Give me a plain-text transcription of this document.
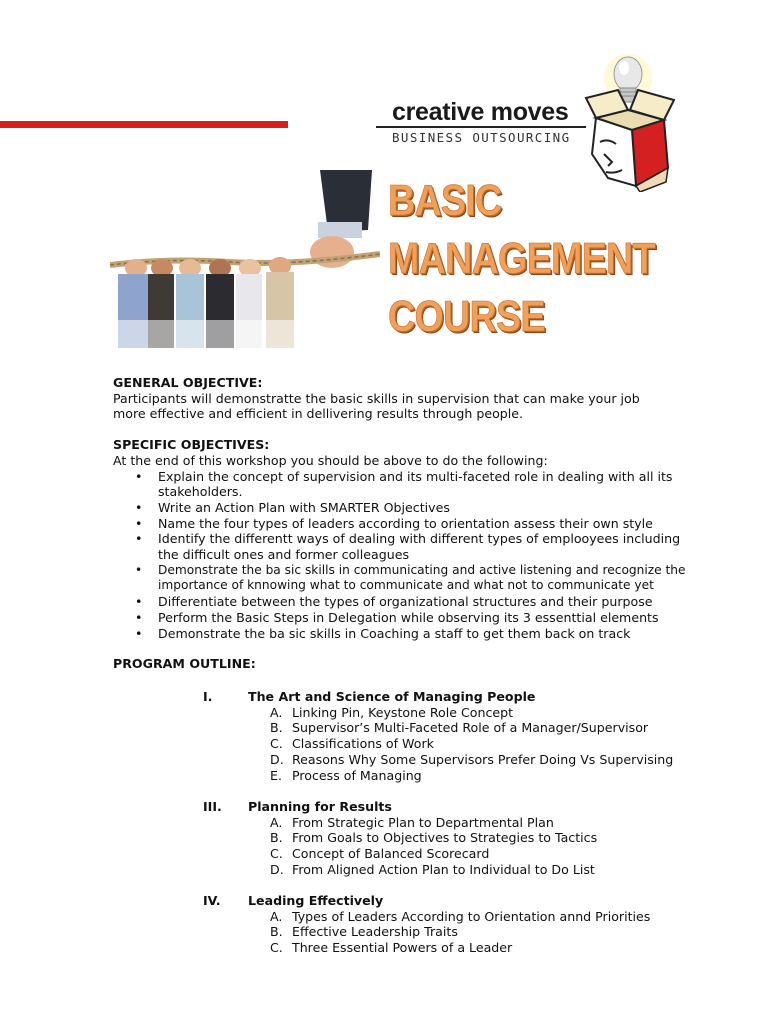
creative moves
BUSINESS OUTSOURCING
BASIC
MANAGEMENT
COURSE
GENERAL OBJECTIVE:
Participants will demonstratte the basic skills in supervision that can make your job
more effective and efficient in dellivering results through people.
SPECIFIC OBJECTIVES:
At the end of this workshop you should be above to do the following:
• Explain the concept of supervision and its multi-faceted role in dealing with all its
stakeholders.
• Write an Action Plan with SMARTER Objectives
• Name the four types of leaders according to orientation assess their own style
• Identify the differentt ways of dealing with different types of emplooyees including
the difficult ones and former colleagues
• Demonstrate the ba sic skills in communicating and active listening and recognize the
importance of knnowing what to communicate and what not to communicate yet
• Differentiate between the types of organizational structures and their purpose
• Perform the Basic Steps in Delegation while observing its 3 essenttial elements
• Demonstrate the ba sic skills in Coaching a staff to get them back on track
PROGRAM OUTLINE:
I.	The Art and Science of Managing People
A. Linking Pin, Keystone Role Concept
B. Supervisor’s Multi-Faceted Role of a Manager/Supervisor
C. Classifications of Work
D. Reasons Why Some Supervisors Prefer Doing Vs Supervising
E. Process of Managing
III.	Planning for Results
A. From Strategic Plan to Departmental Plan
B. From Goals to Objectives to Strategies to Tactics
C. Concept of Balanced Scorecard
D. From Aligned Action Plan to Individual to Do List
IV.	Leading Effectively
A. Types of Leaders According to Orientation annd Priorities
B. Effective Leadership Traits
C. Three Essential Powers of a Leader
